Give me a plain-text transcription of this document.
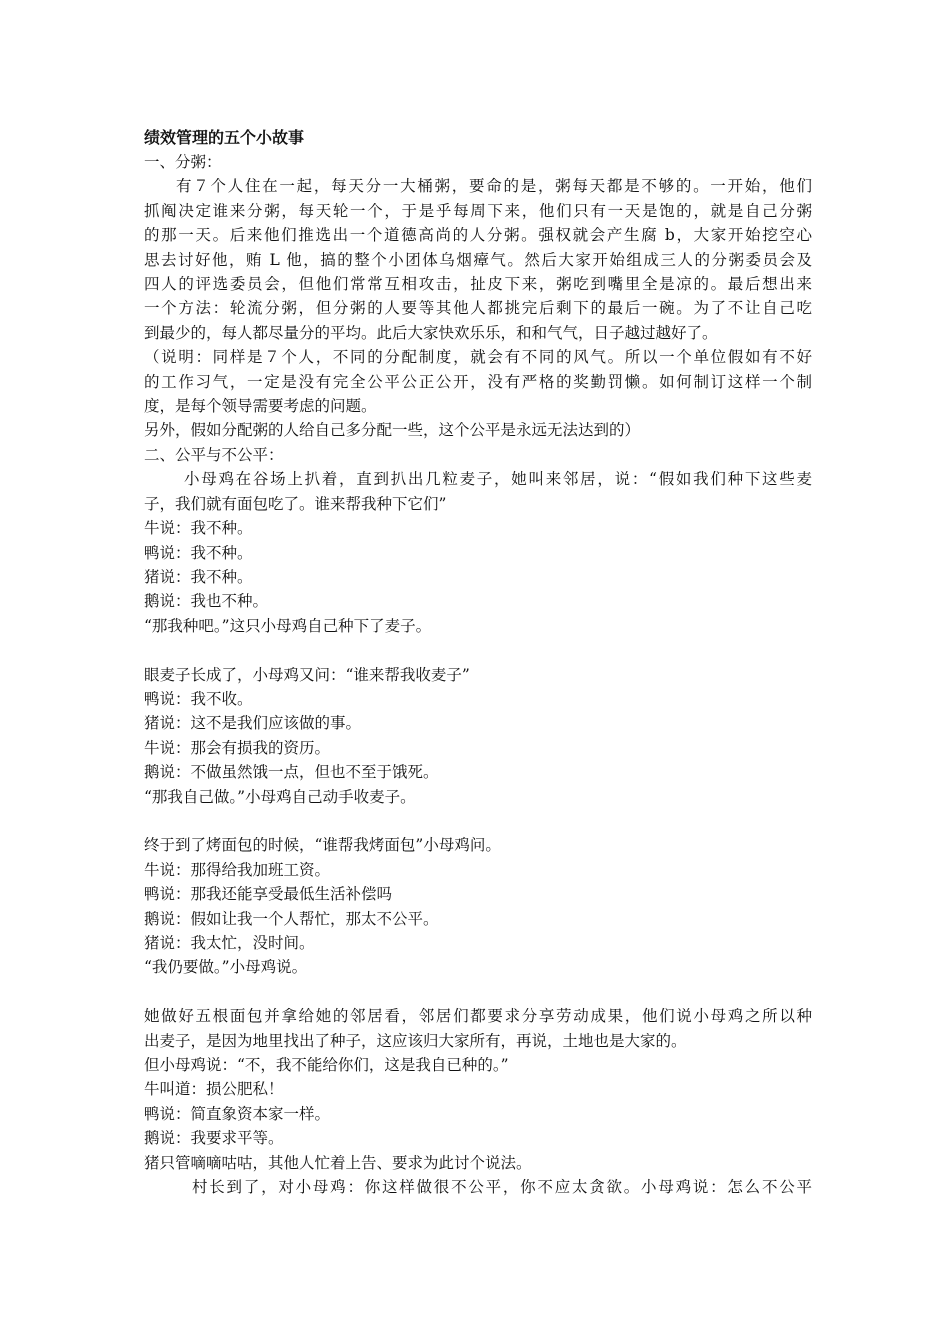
绩效管理的五个小故事

一、分粥：

有７个人住在一起，每天分一大桶粥，要命的是，粥每天都是不够的。一开始，他们

抓阄决定谁来分粥，每天轮一个，于是乎每周下来，他们只有一天是饱的，就是自己分粥

的那一天。后来他们推选出一个道德高尚的人分粥。强权就会产生腐 b，大家开始挖空心

思去讨好他，贿 L 他，搞的整个小团体乌烟瘴气。然后大家开始组成三人的分粥委员会及

四人的评选委员会，但他们常常互相攻击，扯皮下来，粥吃到嘴里全是凉的。最后想出来

一个方法：轮流分粥，但分粥的人要等其他人都挑完后剩下的最后一碗。为了不让自己吃

到最少的，每人都尽量分的平均。此后大家快欢乐乐，和和气气，日子越过越好了。

（说明：同样是７个人，不同的分配制度，就会有不同的风气。所以一个单位假如有不好

的工作习气，一定是没有完全公平公正公开，没有严格的奖勤罚懒。如何制订这样一个制

度，是每个领导需要考虑的问题。

另外，假如分配粥的人给自己多分配一些，这个公平是永远无法达到的）

二、公平与不公平：

小母鸡在谷场上扒着，直到扒出几粒麦子，她叫来邻居，说：“假如我们种下这些麦

子，我们就有面包吃了。谁来帮我种下它们”

牛说：我不种。

鸭说：我不种。

猪说：我不种。

鹅说：我也不种。

“那我种吧。”这只小母鸡自己种下了麦子。

眼麦子长成了，小母鸡又问：“谁来帮我收麦子”

鸭说：我不收。

猪说：这不是我们应该做的事。

牛说：那会有损我的资历。

鹅说：不做虽然饿一点，但也不至于饿死。

“那我自己做。”小母鸡自己动手收麦子。

终于到了烤面包的时候，“谁帮我烤面包”小母鸡问。

牛说：那得给我加班工资。

鸭说：那我还能享受最低生活补偿吗

鹅说：假如让我一个人帮忙，那太不公平。

猪说：我太忙，没时间。

“我仍要做。”小母鸡说。

她做好五根面包并拿给她的邻居看，邻居们都要求分享劳动成果，他们说小母鸡之所以种

出麦子，是因为地里找出了种子，这应该归大家所有，再说，土地也是大家的。

但小母鸡说：“不，我不能给你们，这是我自已种的。”

牛叫道：损公肥私！

鸭说：简直象资本家一样。

鹅说：我要求平等。

猪只管嘀嘀咕咕，其他人忙着上告、要求为此讨个说法。

村长到了，对小母鸡：你这样做很不公平，你不应太贪欲。小母鸡说：怎么不公平
